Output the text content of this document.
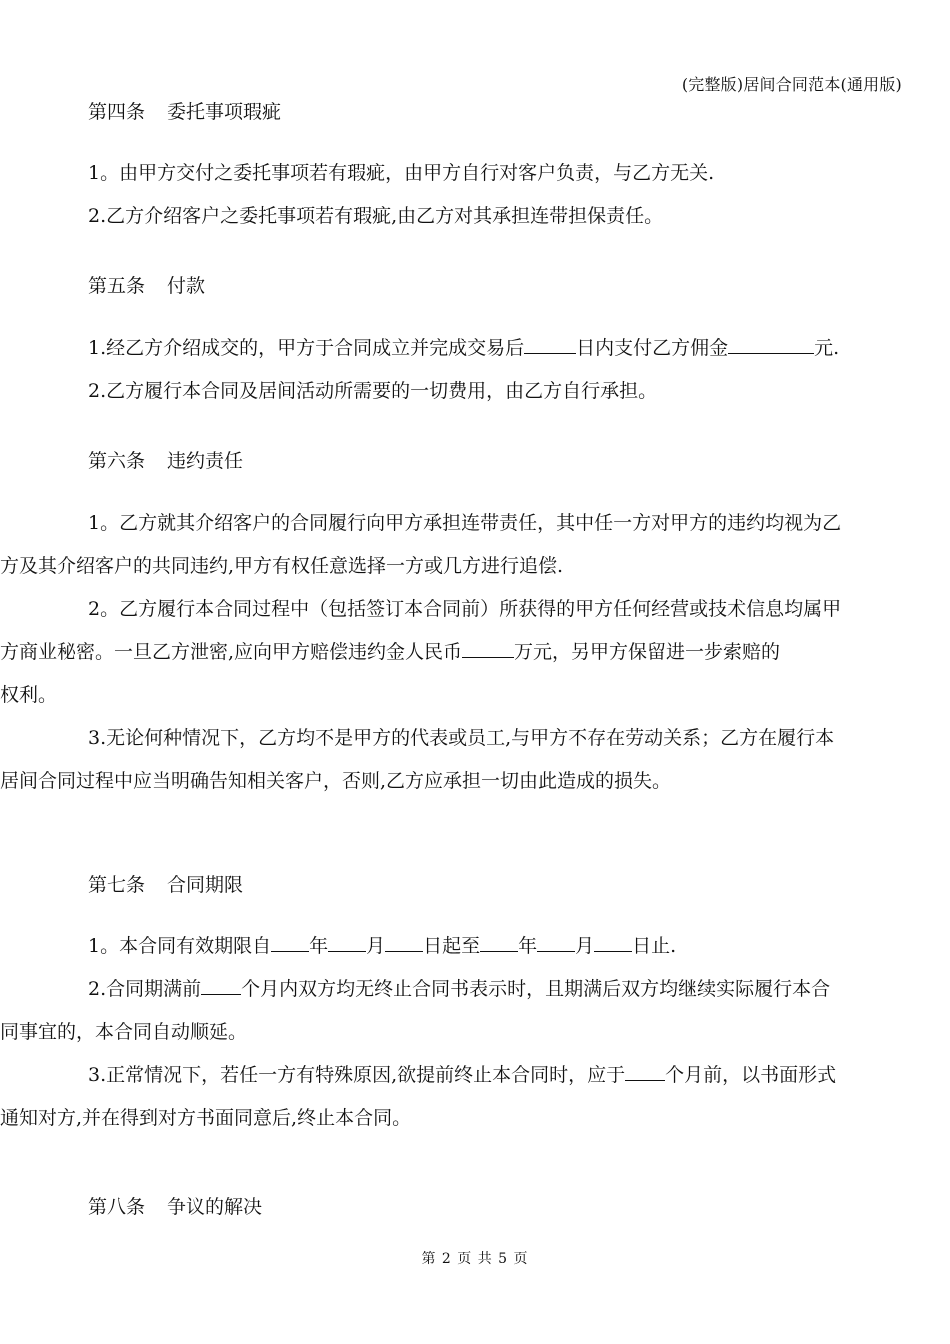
(完整版)居间合同范本(通用版)
第四条 委托事项瑕疵
1。由甲方交付之委托事项若有瑕疵，由甲方自行对客户负责，与乙方无关.
2.乙方介绍客户之委托事项若有瑕疵,由乙方对其承担连带担保责任。
第五条 付款
1.经乙方介绍成交的，甲方于合同成立并完成交易后	日内支付乙方佣金	元.
2.乙方履行本合同及居间活动所需要的一切费用，由乙方自行承担。
第六条 违约责任
1。乙方就其介绍客户的合同履行向甲方承担连带责任，其中任一方对甲方的违约均视为乙
方及其介绍客户的共同违约,甲方有权任意选择一方或几方进行追偿.
2。乙方履行本合同过程中（包括签订本合同前）所获得的甲方任何经营或技术信息均属甲
方商业秘密。一旦乙方泄密,应向甲方赔偿违约金人民币	万元，另甲方保留进一步索赔的
权利。
3.无论何种情况下，乙方均不是甲方的代表或员工,与甲方不存在劳动关系；乙方在履行本
居间合同过程中应当明确告知相关客户，否则,乙方应承担一切由此造成的损失。
第七条 合同期限
1。本合同有效期限自 年 月 日起至 年 月 日止.
2.合同期满前 个月内双方均无终止合同书表示时，且期满后双方均继续实际履行本合
同事宜的，本合同自动顺延。
3.正常情况下，若任一方有特殊原因,欲提前终止本合同时，应于 个月前，以书面形式
通知对方,并在得到对方书面同意后,终止本合同。
第八条 争议的解决
第 2 页 共 5 页
